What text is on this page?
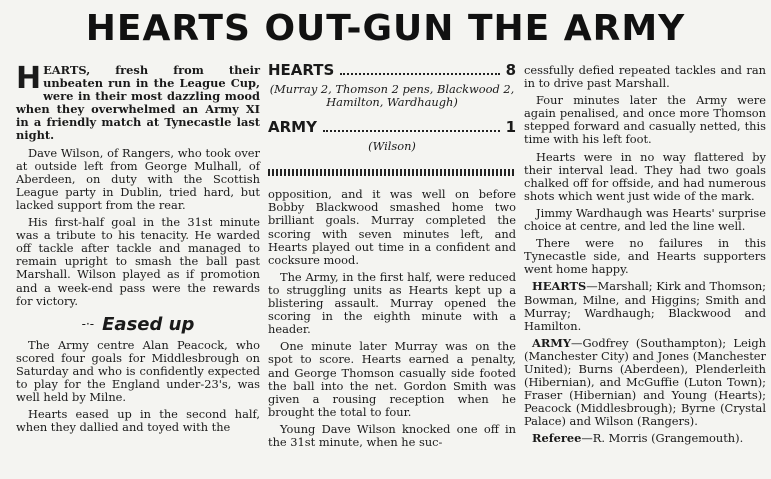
HEARTS OUT-GUN THE ARMY

HEARTS, fresh from their unbeaten run in the League Cup, were in their most dazzling mood when they overwhelmed an Army XI in a friendly match at Tynecastle last night.

Dave Wilson, of Rangers, who took over at outside left from George Mulhall, of Aberdeen, on duty with the Scottish League party in Dublin, tried hard, but lacked support from the rear.

His first-half goal in the 31st minute was a tribute to his tenacity. He warded off tackle after tackle and managed to remain upright to smash the ball past Marshall. Wilson played as if promotion and a week-end pass were the rewards for victory.

-·- Eased up

The Army centre Alan Peacock, who scored four goals for Middlesbrough on Saturday and who is confidently expected to play for the England under-23's, was well held by Milne.

Hearts eased up in the second half, when they dallied and toyed with the

HEARTS	8
(Murray 2, Thomson 2 pens, Blackwood 2, Hamilton, Wardhaugh)
ARMY	1
(Wilson)

opposition, and it was well on before Bobby Blackwood smashed home two brilliant goals. Murray completed the scoring with seven minutes left, and Hearts played out time in a confident and cocksure mood.

The Army, in the first half, were reduced to struggling units as Hearts kept up a blistering assault. Murray opened the scoring in the eighth minute with a header.

One minute later Murray was on the spot to score. Hearts earned a penalty, and George Thomson casually side footed the ball into the net. Gordon Smith was given a rousing reception when he brought the total to four.

Young Dave Wilson knocked one off in the 31st minute, when he suc-

cessfully defied repeated tackles and ran in to drive past Marshall.

Four minutes later the Army were again penalised, and once more Thomson stepped forward and casually netted, this time with his left foot.

Hearts were in no way flattered by their interval lead. They had two goals chalked off for offside, and had numerous shots which went just wide of the mark.

Jimmy Wardhaugh was Hearts' surprise choice at centre, and led the line well.

There were no failures in this Tynecastle side, and Hearts supporters went home happy.

HEARTS—Marshall; Kirk and Thomson; Bowman, Milne, and Higgins; Smith and Murray; Wardhaugh; Blackwood and Hamilton.

ARMY—Godfrey (Southampton); Leigh (Manchester City) and Jones (Manchester United); Burns (Aberdeen), Plenderleith (Hibernian), and McGuffie (Luton Town); Fraser (Hibernian) and Young (Hearts); Peacock (Middlesbrough); Byrne (Crystal Palace) and Wilson (Rangers).

Referee—R. Morris (Grangemouth).
